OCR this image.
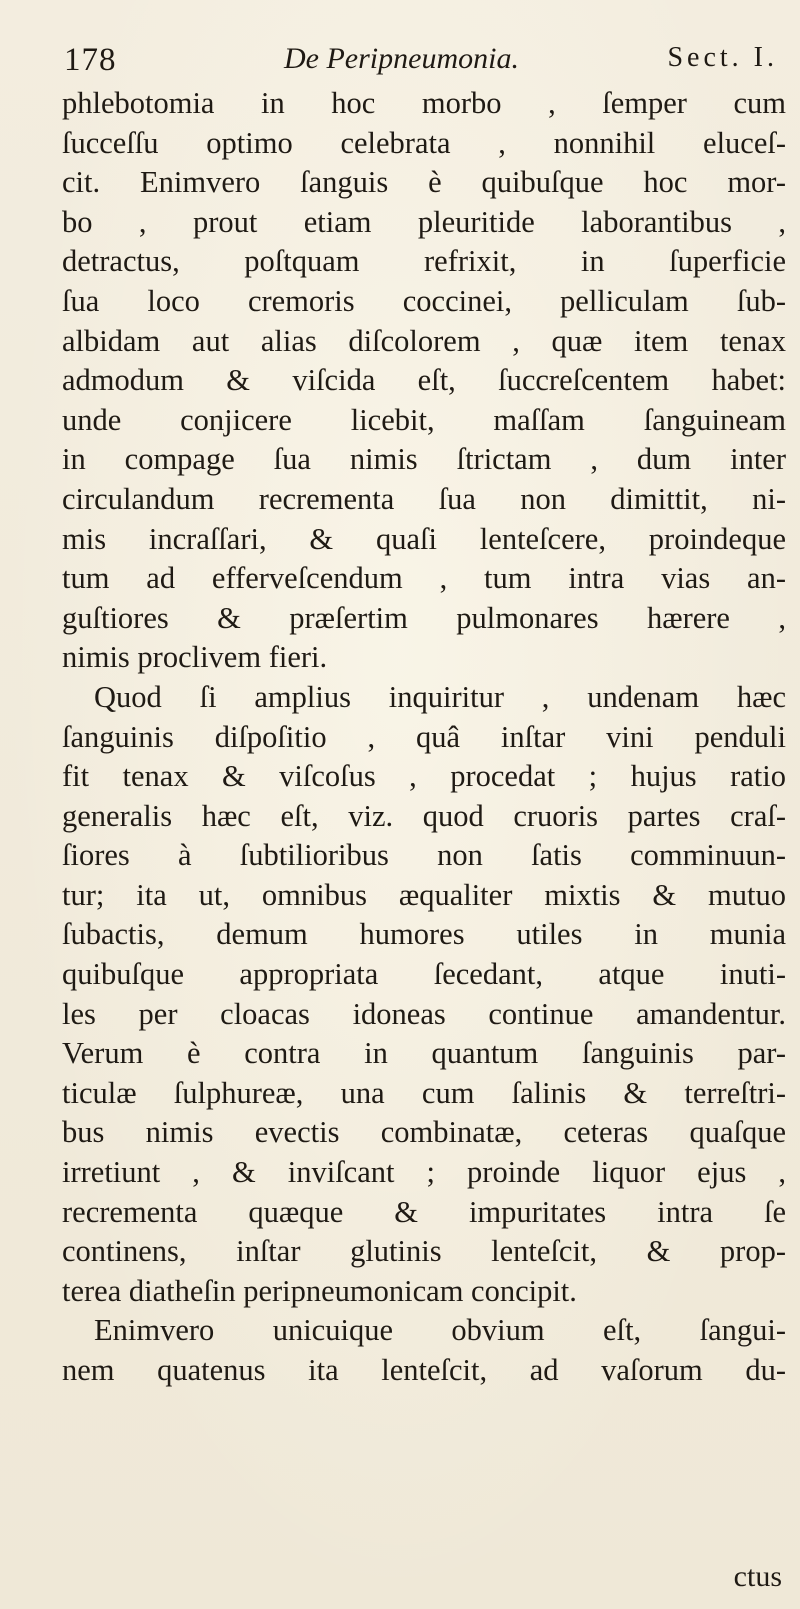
178	De Peripneumonia.	Sect. I.
phlebotomia in hoc morbo , ſemper cum
ſucceſſu optimo celebrata , nonnihil eluceſ-
cit. Enimvero ſanguis è quibuſque hoc mor-
bo , prout etiam pleuritide laborantibus ,
detractus, poſtquam refrixit, in ſuperficie
ſua loco cremoris coccinei, pelliculam ſub-
albidam aut alias diſcolorem , quæ item tenax
admodum & viſcida eſt, ſuccreſcentem habet:
unde conjicere licebit, maſſam ſanguineam
in compage ſua nimis ſtrictam , dum inter
circulandum recrementa ſua non dimittit, ni-
mis incraſſari, & quaſi lenteſcere, proindeque
tum ad efferveſcendum , tum intra vias an-
guſtiores & præſertim pulmonares hærere ,
nimis proclivem fieri.
Quod ſi amplius inquiritur , undenam hæc
ſanguinis diſpoſitio , quâ inſtar vini penduli
fit tenax & viſcoſus , procedat ; hujus ratio
generalis hæc eſt, viz. quod cruoris partes craſ-
ſiores à ſubtilioribus non ſatis comminuun-
tur; ita ut, omnibus æqualiter mixtis & mutuo
ſubactis, demum humores utiles in munia
quibuſque appropriata ſecedant, atque inuti-
les per cloacas idoneas continue amandentur.
Verum è contra in quantum ſanguinis par-
ticulæ ſulphureæ, una cum ſalinis & terreſtri-
bus nimis evectis combinatæ, ceteras quaſque
irretiunt , & inviſcant ; proinde liquor ejus ,
recrementa quæque & impuritates intra ſe
continens, inſtar glutinis lenteſcit, & prop-
terea diatheſin peripneumonicam concipit.
Enimvero unicuique obvium eſt, ſangui-
nem quatenus ita lenteſcit, ad vaſorum du-
ctus
